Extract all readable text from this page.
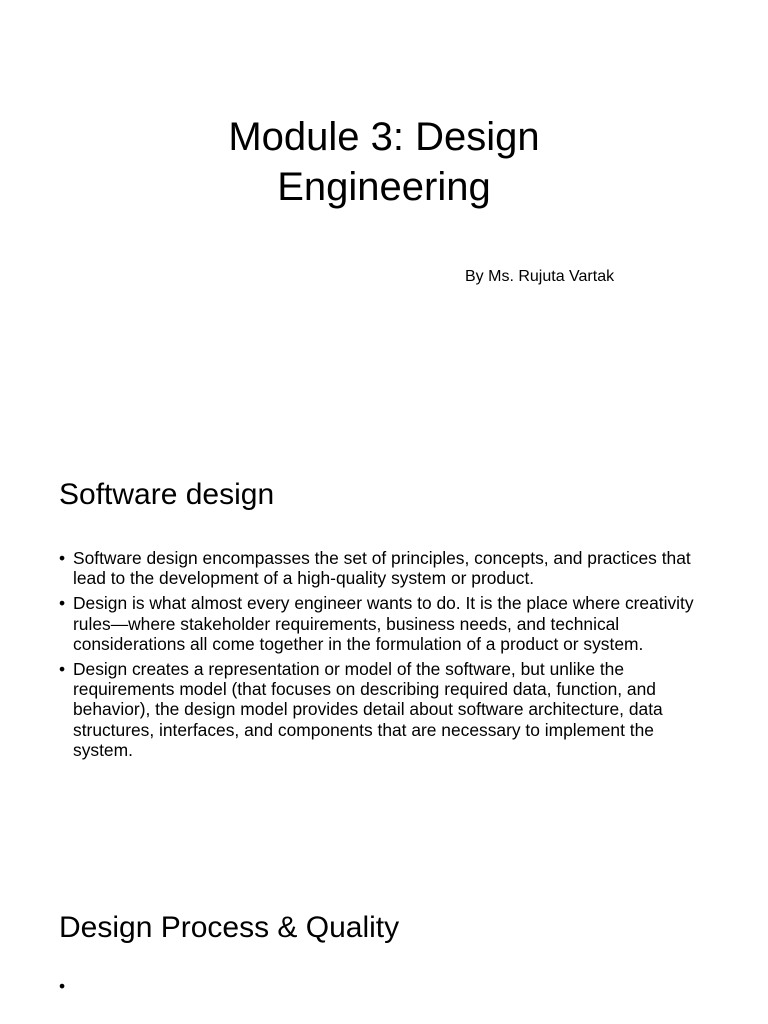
Module 3: Design
Engineering

By Ms. Rujuta Vartak

Software design
• Software design encompasses the set of principles, concepts, and practices that lead to the development of a high-quality system or product.
• Design is what almost every engineer wants to do. It is the place where creativity rules—where stakeholder requirements, business needs, and technical considerations all come together in the formulation of a product or system.
• Design creates a representation or model of the software, but unlike the requirements model (that focuses on describing required data, function, and behavior), the design model provides detail about software architecture, data structures, interfaces, and components that are necessary to implement the system.
Design Process & Quality
•
